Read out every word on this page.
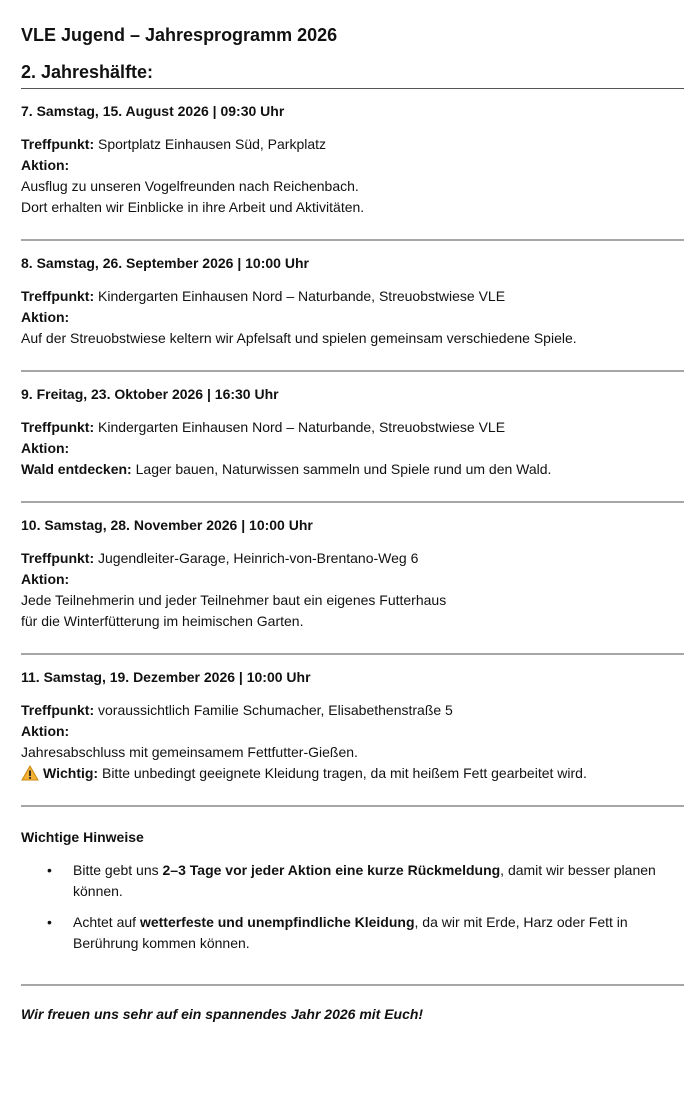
VLE Jugend – Jahresprogramm 2026
2. Jahreshälfte:

7. Samstag, 15. August 2026 | 09:30 Uhr

Treffpunkt: Sportplatz Einhausen Süd, Parkplatz

Aktion:

Ausflug zu unseren Vogelfreunden nach Reichenbach.

Dort erhalten wir Einblicke in ihre Arbeit und Aktivitäten.

8. Samstag, 26. September 2026 | 10:00 Uhr

Treffpunkt: Kindergarten Einhausen Nord – Naturbande, Streuobstwiese VLE

Aktion:

Auf der Streuobstwiese keltern wir Apfelsaft und spielen gemeinsam verschiedene Spiele.

9. Freitag, 23. Oktober 2026 | 16:30 Uhr

Treffpunkt: Kindergarten Einhausen Nord – Naturbande, Streuobstwiese VLE

Aktion:

Wald entdecken: Lager bauen, Naturwissen sammeln und Spiele rund um den Wald.

10. Samstag, 28. November 2026 | 10:00 Uhr

Treffpunkt: Jugendleiter-Garage, Heinrich-von-Brentano-Weg 6

Aktion:

Jede Teilnehmerin und jeder Teilnehmer baut ein eigenes Futterhaus

für die Winterfütterung im heimischen Garten.

11. Samstag, 19. Dezember 2026 | 10:00 Uhr

Treffpunkt: voraussichtlich Familie Schumacher, Elisabethenstraße 5

Aktion:

Jahresabschluss mit gemeinsamem Fettfutter-Gießen.

Wichtig: Bitte unbedingt geeignete Kleidung tragen, da mit heißem Fett gearbeitet wird.

Wichtige Hinweise

• Bitte gebt uns 2–3 Tage vor jeder Aktion eine kurze Rückmeldung, damit wir besser planen
können.
• Achtet auf wetterfeste und unempfindliche Kleidung, da wir mit Erde, Harz oder Fett in
Berührung kommen können.

Wir freuen uns sehr auf ein spannendes Jahr 2026 mit Euch!
